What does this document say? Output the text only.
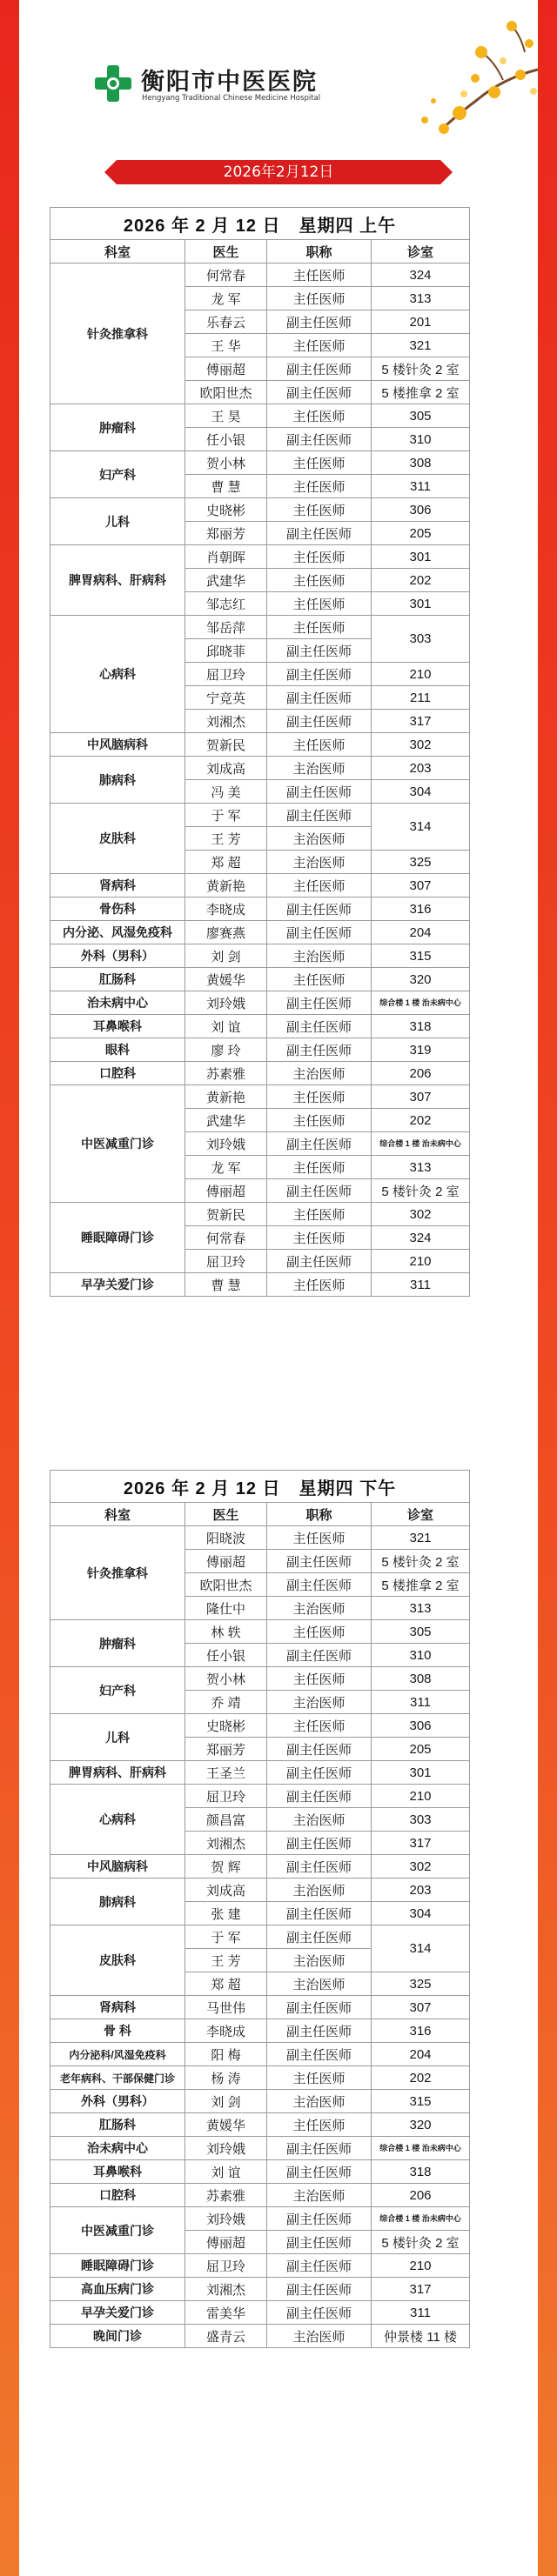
衡阳市中医医院
Hengyang Traditional Chinese Medicine Hospital
2026年2月12日
2026 年 2 月 12 日　星期四 上午			
科室	医生	职称	诊室
针灸推拿科	何常春	主任医师	324
	龙 军	主任医师	313
	乐春云	副主任医师	201
	王 华	主任医师	321
	傅丽超	副主任医师	5 楼针灸 2 室
	欧阳世杰	副主任医师	5 楼推拿 2 室
肿瘤科	王 昊	主任医师	305
	任小银	副主任医师	310
妇产科	贺小林	主任医师	308
	曹 慧	主任医师	311
儿科	史晓彬	主任医师	306
	郑丽芳	副主任医师	205
脾胃病科、肝病科	肖朝晖	主任医师	301
	武建华	主任医师	202
	邹志红	主任医师	301
心病科	邹岳萍	主任医师	303
	邱晓菲	副主任医师	
	屈卫玲	副主任医师	210
	宁竞英	副主任医师	211
	刘湘杰	副主任医师	317
中风脑病科	贺新民	主任医师	302
肺病科	刘成高	主治医师	203
	冯 美	副主任医师	304
皮肤科	于 军	副主任医师	314
	王 芳	主治医师	
	郑 超	主治医师	325
肾病科	黄新艳	主任医师	307
骨伤科	李晓成	副主任医师	316
内分泌、风湿免疫科	廖赛燕	副主任医师	204
外科（男科）	刘 剑	主治医师	315
肛肠科	黄媛华	主任医师	320
治未病中心	刘玲娥	副主任医师	综合楼 1 楼 治未病中心
耳鼻喉科	刘 谊	副主任医师	318
眼科	廖 玲	副主任医师	319
口腔科	苏素雅	主治医师	206
中医减重门诊	黄新艳	主任医师	307
	武建华	主任医师	202
	刘玲娥	副主任医师	综合楼 1 楼 治未病中心
	龙 军	主任医师	313
	傅丽超	副主任医师	5 楼针灸 2 室
睡眠障碍门诊	贺新民	主任医师	302
	何常春	主任医师	324
	屈卫玲	副主任医师	210
早孕关爱门诊	曹 慧	主任医师	311
2026 年 2 月 12 日　星期四 下午			
科室	医生	职称	诊室
针灸推拿科	阳晓波	主任医师	321
	傅丽超	副主任医师	5 楼针灸 2 室
	欧阳世杰	副主任医师	5 楼推拿 2 室
	隆仕中	主治医师	313
肿瘤科	林 轶	主任医师	305
	任小银	副主任医师	310
妇产科	贺小林	主任医师	308
	乔 靖	主治医师	311
儿科	史晓彬	主任医师	306
	郑丽芳	副主任医师	205
脾胃病科、肝病科	王圣兰	副主任医师	301
心病科	屈卫玲	副主任医师	210
	颜昌富	主治医师	303
	刘湘杰	副主任医师	317
中风脑病科	贺 辉	副主任医师	302
肺病科	刘成高	主治医师	203
	张 建	副主任医师	304
皮肤科	于 军	副主任医师	314
	王 芳	主治医师	
	郑 超	主治医师	325
肾病科	马世伟	副主任医师	307
骨 科	李晓成	副主任医师	316
内分泌科/风湿免疫科	阳 梅	副主任医师	204
老年病科、干部保健门诊	杨 涛	主任医师	202
外科（男科）	刘 剑	主治医师	315
肛肠科	黄媛华	主任医师	320
治未病中心	刘玲娥	副主任医师	综合楼 1 楼 治未病中心
耳鼻喉科	刘 谊	副主任医师	318
口腔科	苏素雅	主治医师	206
中医减重门诊	刘玲娥	副主任医师	综合楼 1 楼 治未病中心
	傅丽超	副主任医师	5 楼针灸 2 室
睡眠障碍门诊	屈卫玲	副主任医师	210
高血压病门诊	刘湘杰	副主任医师	317
早孕关爱门诊	雷美华	副主任医师	311
晚间门诊	盛青云	主治医师	仲景楼 11 楼
